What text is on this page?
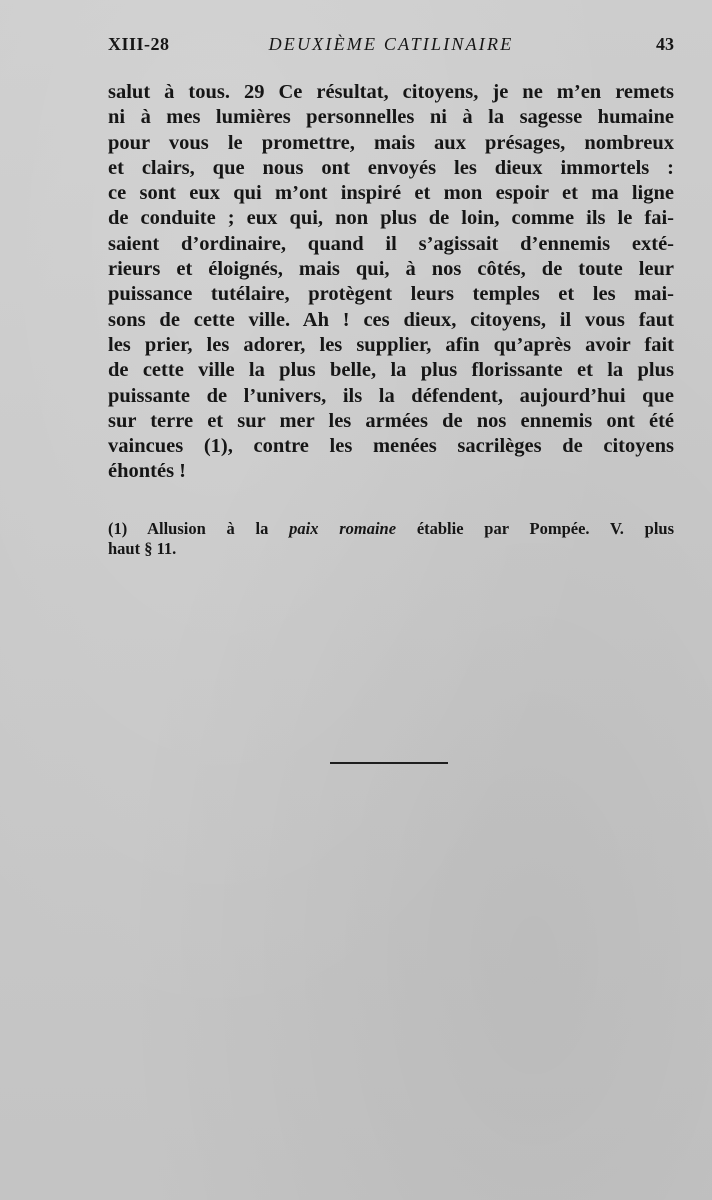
XIII-28	DEUXIÈME CATILINAIRE	43
salut à tous. 29 Ce résultat, citoyens, je ne m’en remets
ni à mes lumières personnelles ni à la sagesse humaine
pour vous le promettre, mais aux présages, nombreux
et clairs, que nous ont envoyés les dieux immortels :
ce sont eux qui m’ont inspiré et mon espoir et ma ligne
de conduite ; eux qui, non plus de loin, comme ils le fai-
saient d’ordinaire, quand il s’agissait d’ennemis exté-
rieurs et éloignés, mais qui, à nos côtés, de toute leur
puissance tutélaire, protègent leurs temples et les mai-
sons de cette ville. Ah ! ces dieux, citoyens, il vous faut
les prier, les adorer, les supplier, afin qu’après avoir fait
de cette ville la plus belle, la plus florissante et la plus
puissante de l’univers, ils la défendent, aujourd’hui que
sur terre et sur mer les armées de nos ennemis ont été
vaincues (1), contre les menées sacrilèges de citoyens
éhontés !
(1) Allusion à la paix romaine établie par Pompée. V. plus
haut § 11.
